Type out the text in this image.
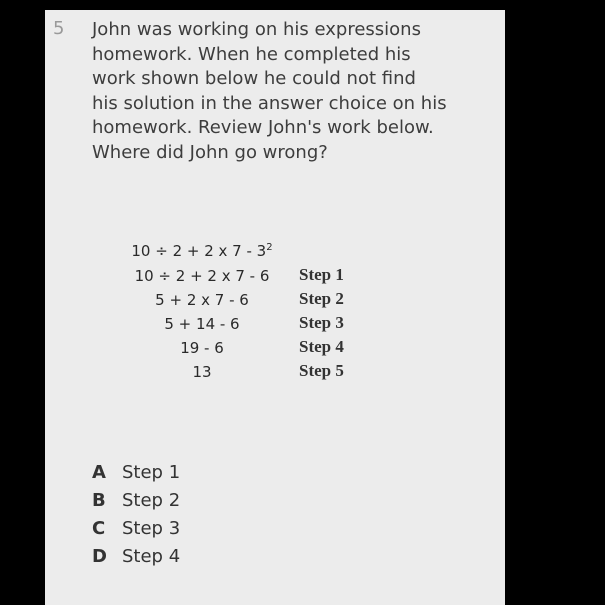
5 John was working on his expressions
homework. When he completed his
work shown below he could not find
his solution in the answer choice on his
homework. Review John's work below.
Where did John go wrong?

10 ÷ 2 + 2 x $7 - 3^2$
10 ÷ 2 + 2 x 7 - 6	Step 1
5 + 2 x 7 - 6	Step 2
5 + 14 - 6	Step 3
19 - 6	Step 4
13	Step 5
A Step 1
B Step 2
C Step 3
D Step 4
